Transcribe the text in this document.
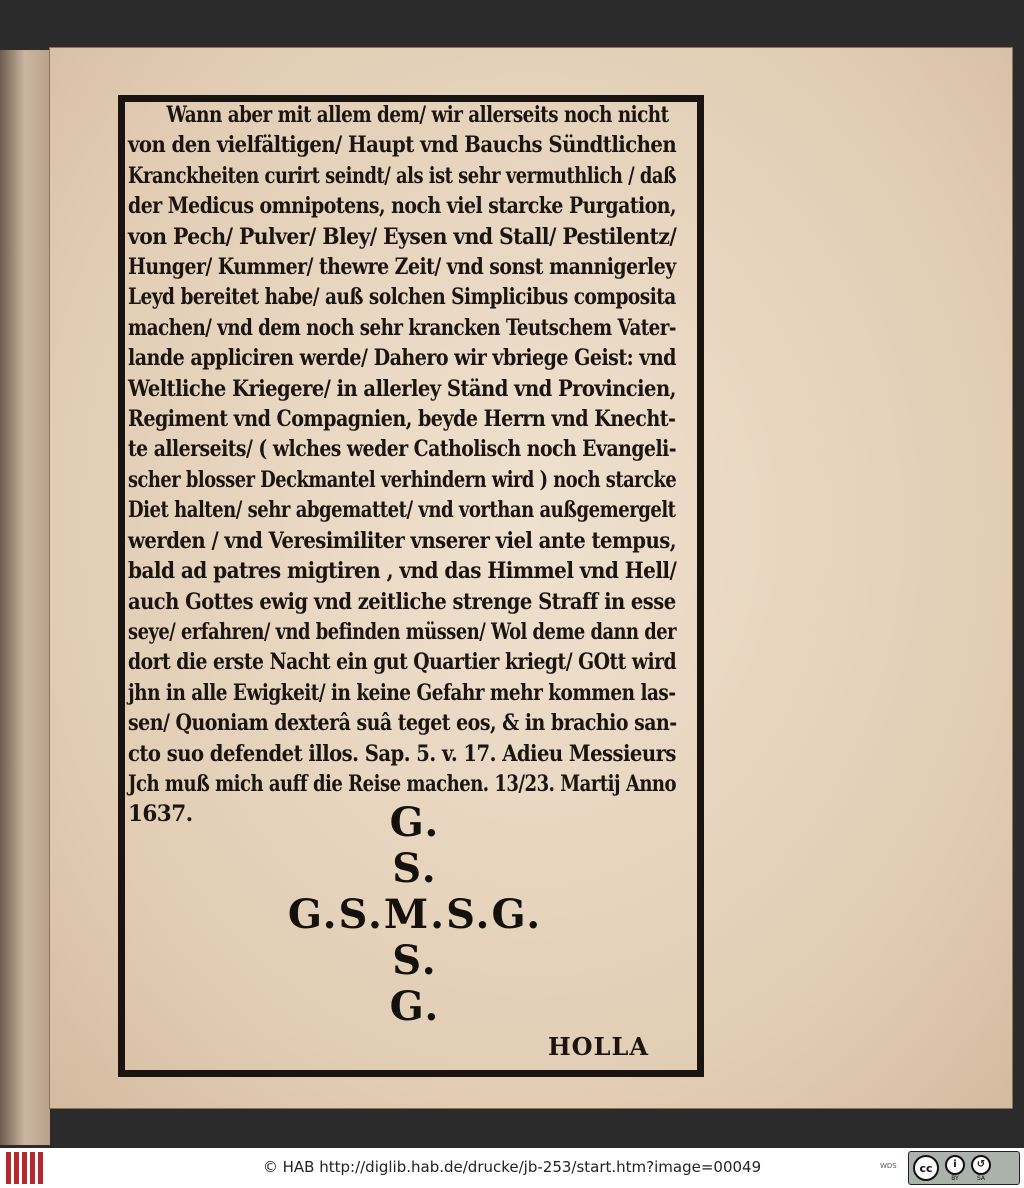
Wann aber mit allem dem/ wir allerseits noch nicht
von den vielfältigen/ Haupt vnd Bauchs Sündtlichen
Kranckheiten curirt seindt/ als ist sehr vermuthlich / daß
der Medicus omnipotens, noch viel starcke Purgation,
von Pech/ Pulver/ Bley/ Eysen vnd Stall/ Pestilentz/
Hunger/ Kummer/ thewre Zeit/ vnd sonst mannigerley
Leyd bereitet habe/ auß solchen Simplicibus composita
machen/ vnd dem noch sehr krancken Teutschem Vater-
lande appliciren werde/ Dahero wir vbriege Geist: vnd
Weltliche Kriegere/ in allerley Ständ vnd Provincien,
Regiment vnd Compagnien, beyde Herrn vnd Knecht-
te allerseits/ ( wlches weder Catholisch noch Evangeli-
scher blosser Deckmantel verhindern wird ) noch starcke
Diet halten/ sehr abgemattet/ vnd vorthan außgemergelt
werden / vnd Veresimiliter vnserer viel ante tempus,
bald ad patres migtiren , vnd das Himmel vnd Hell/
auch Gottes ewig vnd zeitliche strenge Straff in esse
seye/ erfahren/ vnd befinden müssen/ Wol deme dann der
dort die erste Nacht ein gut Quartier kriegt/ GOtt wird
jhn in alle Ewigkeit/ in keine Gefahr mehr kommen las-
sen/ Quoniam dexterâ suâ teget eos, & in brachio san-
cto suo defendet illos. Sap. 5. v. 17. Adieu Messieurs
Jch muß mich auff die Reise machen. 13/23. Martij Anno
1637.	G.
S.
G.S.M.S.G.
S.
G.
HOLLA
© HAB http://diglib.hab.de/drucke/jb-253/start.htm?image=00049	WDS	cc	i
BY
↺
SA
